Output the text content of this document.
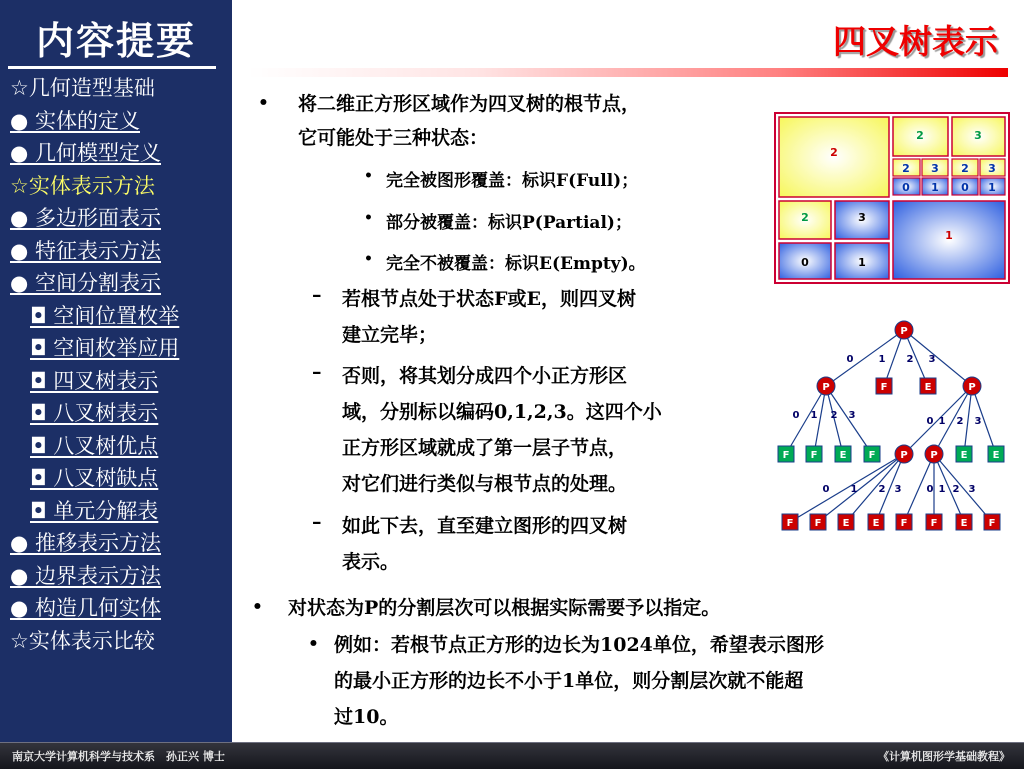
内容提要
☆几何造型基础
● 实体的定义
● 几何模型定义
☆实体表示方法
● 多边形面表示
● 特征表示方法
● 空间分割表示
◘ 空间位置枚举
◘ 空间枚举应用
◘ 四叉树表示
◘ 八叉树表示
◘ 八叉树优点
◘ 八叉树缺点
◘ 单元分解表
● 推移表示方法
● 边界表示方法
● 构造几何实体
☆实体表示比较
四叉树表示
• 将二维正方形区域作为四叉树的根节点，
它可能处于三种状态：
• 完全被图形覆盖：标识F(Full)；
• 部分被覆盖：标识P(Partial)；
• 完全不被覆盖：标识E(Empty)。
– 若根节点处于状态F或E，则四叉树
建立完毕；
– 否则，将其划分成四个小正方形区
域，分别标以编码0,1,2,3。这四个小
正方形区域就成了第一层子节点，
对它们进行类似与根节点的处理。
– 如此下去，直至建立图形的四叉树
表示。
• 对状态为P的分割层次可以根据实际需要予以指定。
• 例如：若根节点正方形的边长为1024单位，希望表示图形
的最小正方形的边长不小于1单位，则分割层次就不能超
过10。
2
2	3
2 3
0 1
2 3
0 1
2	3
0	1
1
0	1 2 3
0 1 2 3
0 1 2 3
0 1 2 3	0 1 2 3
P
P	F	E	P
F F E F P P E	E
F F E E F F E F
南京大学计算机科学与技术系　孙正兴 博士	《计算机图形学基础教程》
